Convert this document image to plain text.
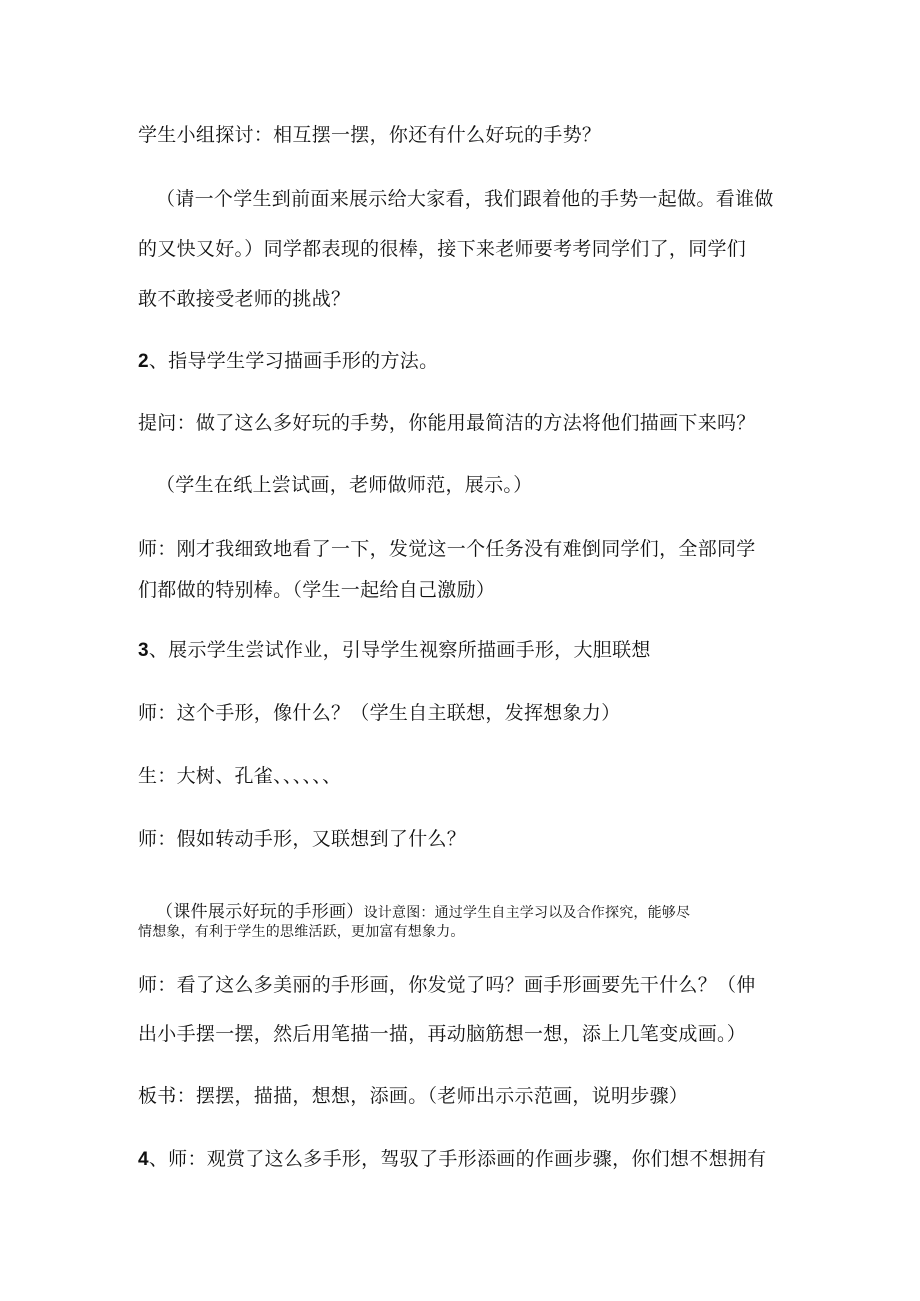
学生小组探讨：相互摆一摆，你还有什么好玩的手势？
（请一个学生到前面来展示给大家看，我们跟着他的手势一起做。看谁做
的又快又好。）同学都表现的很棒，接下来老师要考考同学们了，同学们
敢不敢接受老师的挑战？
2、指导学生学习描画手形的方法。
提问：做了这么多好玩的手势，你能用最简洁的方法将他们描画下来吗？
（学生在纸上尝试画，老师做师范，展示。）
师：刚才我细致地看了一下，发觉这一个任务没有难倒同学们，全部同学
们都做的特别棒。（学生一起给自己激励）
3、展示学生尝试作业，引导学生视察所描画手形，大胆联想
师：这个手形，像什么？（学生自主联想，发挥想象力）
生：大树、孔雀、、、、、、
师：假如转动手形，又联想到了什么？
（课件展示好玩的手形画）设计意图：通过学生自主学习以及合作探究，能够尽
情想象，有利于学生的思维活跃，更加富有想象力。
师：看了这么多美丽的手形画，你发觉了吗？画手形画要先干什么？（伸
出小手摆一摆，然后用笔描一描，再动脑筋想一想，添上几笔变成画。）
板书：摆摆，描描，想想，添画。（老师出示示范画，说明步骤）
4、师：观赏了这么多手形，驾驭了手形添画的作画步骤，你们想不想拥有
